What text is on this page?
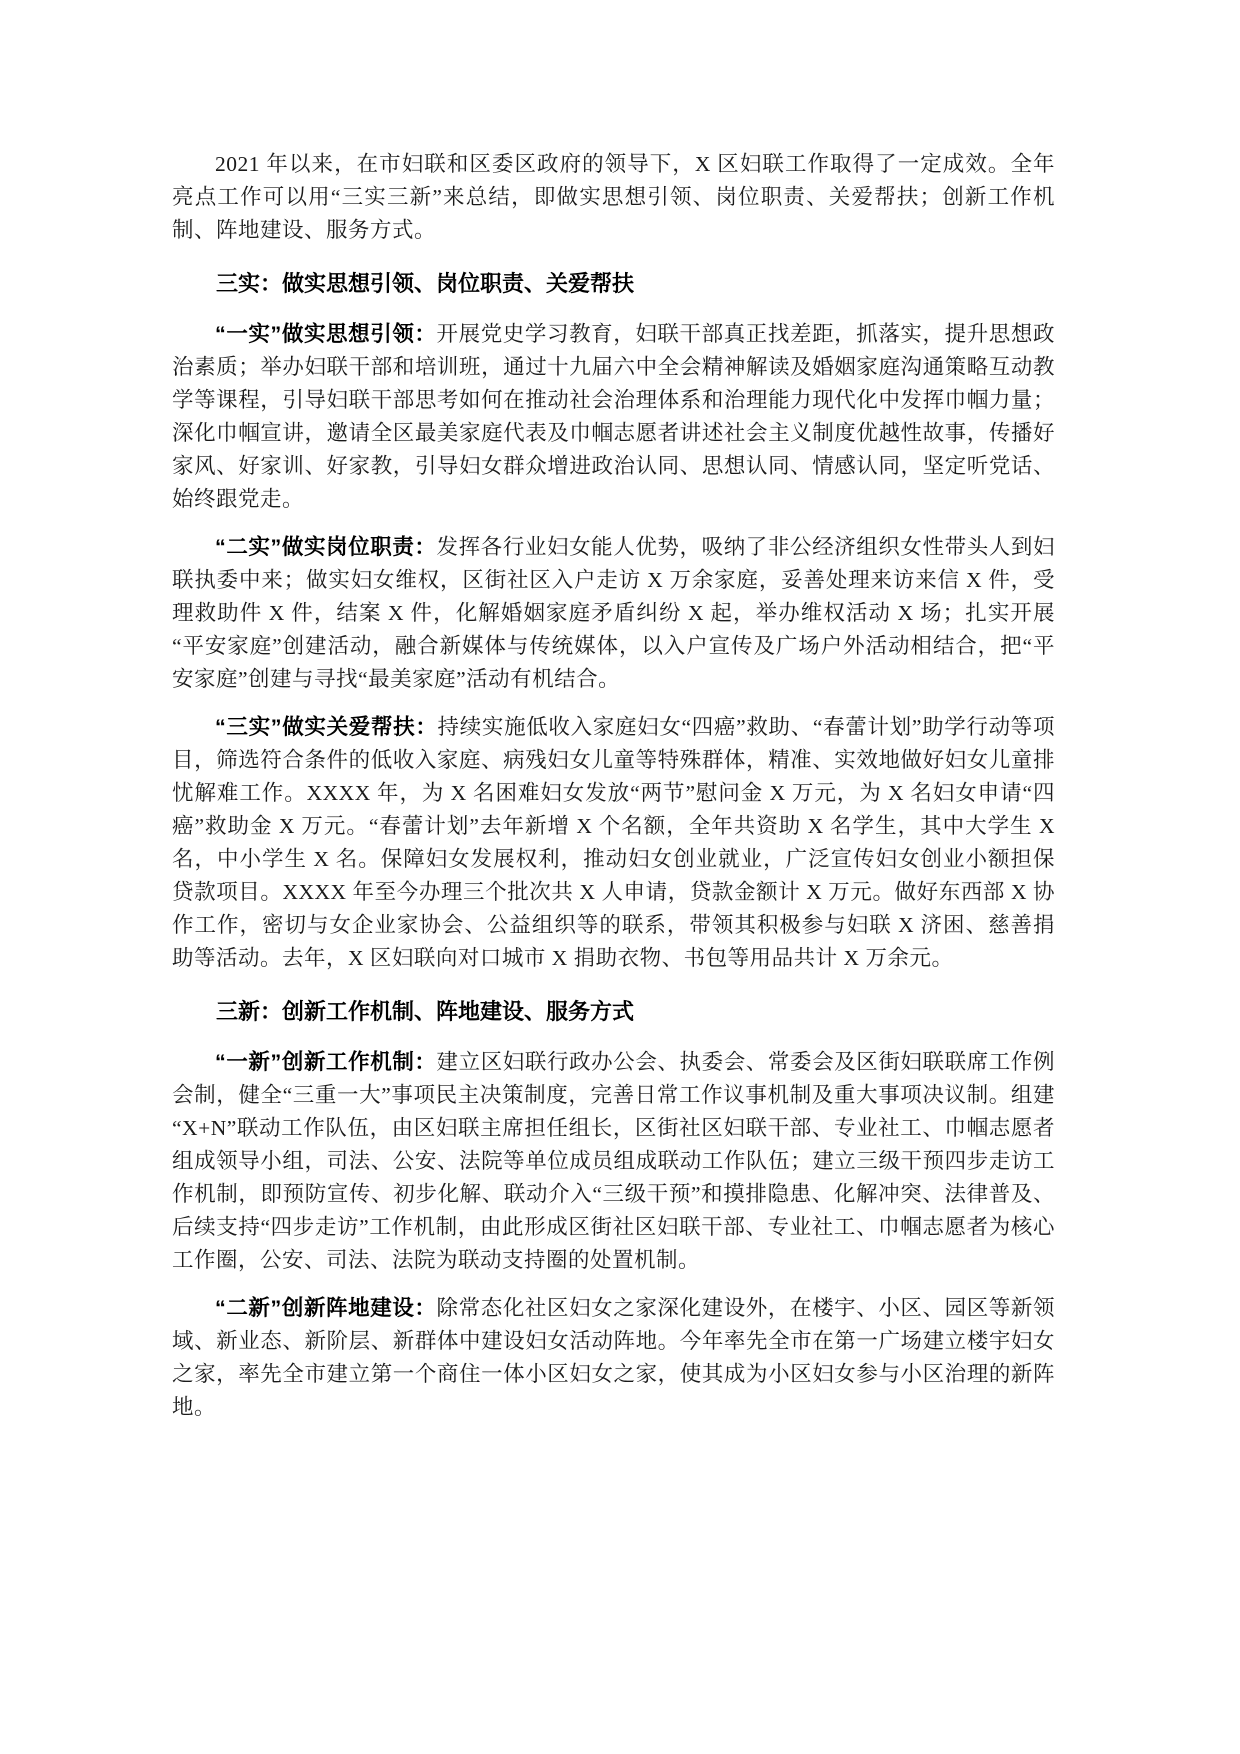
2021 年以来，在市妇联和区委区政府的领导下，X 区妇联工作取得了一定成效。全年亮点工作可以用“三实三新”来总结，即做实思想引领、岗位职责、关爱帮扶；创新工作机制、阵地建设、服务方式。

三实：做实思想引领、岗位职责、关爱帮扶

“一实”做实思想引领：开展党史学习教育，妇联干部真正找差距，抓落实，提升思想政治素质；举办妇联干部和培训班，通过十九届六中全会精神解读及婚姻家庭沟通策略互动教学等课程，引导妇联干部思考如何在推动社会治理体系和治理能力现代化中发挥巾帼力量；深化巾帼宣讲，邀请全区最美家庭代表及巾帼志愿者讲述社会主义制度优越性故事，传播好家风、好家训、好家教，引导妇女群众增进政治认同、思想认同、情感认同，坚定听党话、始终跟党走。

“二实”做实岗位职责：发挥各行业妇女能人优势，吸纳了非公经济组织女性带头人到妇联执委中来；做实妇女维权，区街社区入户走访 X 万余家庭，妥善处理来访来信 X 件，受理救助件 X 件，结案 X 件，化解婚姻家庭矛盾纠纷 X 起，举办维权活动 X 场；扎实开展“平安家庭”创建活动，融合新媒体与传统媒体，以入户宣传及广场户外活动相结合，把“平安家庭”创建与寻找“最美家庭”活动有机结合。

“三实”做实关爱帮扶：持续实施低收入家庭妇女“四癌”救助、“春蕾计划”助学行动等项目，筛选符合条件的低收入家庭、病残妇女儿童等特殊群体，精准、实效地做好妇女儿童排忧解难工作。XXXX 年，为 X 名困难妇女发放“两节”慰问金 X 万元，为 X 名妇女申请“四癌”救助金 X 万元。“春蕾计划”去年新增 X 个名额，全年共资助 X 名学生，其中大学生 X 名，中小学生 X 名。保障妇女发展权利，推动妇女创业就业，广泛宣传妇女创业小额担保贷款项目。XXXX 年至今办理三个批次共 X 人申请，贷款金额计 X 万元。做好东西部 X 协作工作，密切与女企业家协会、公益组织等的联系，带领其积极参与妇联 X 济困、慈善捐助等活动。去年，X 区妇联向对口城市 X 捐助衣物、书包等用品共计 X 万余元。

三新：创新工作机制、阵地建设、服务方式

“一新”创新工作机制：建立区妇联行政办公会、执委会、常委会及区街妇联联席工作例会制，健全“三重一大”事项民主决策制度，完善日常工作议事机制及重大事项决议制。组建“X+N”联动工作队伍，由区妇联主席担任组长，区街社区妇联干部、专业社工、巾帼志愿者组成领导小组，司法、公安、法院等单位成员组成联动工作队伍；建立三级干预四步走访工作机制，即预防宣传、初步化解、联动介入“三级干预”和摸排隐患、化解冲突、法律普及、后续支持“四步走访”工作机制，由此形成区街社区妇联干部、专业社工、巾帼志愿者为核心工作圈，公安、司法、法院为联动支持圈的处置机制。

“二新”创新阵地建设：除常态化社区妇女之家深化建设外，在楼宇、小区、园区等新领域、新业态、新阶层、新群体中建设妇女活动阵地。今年率先全市在第一广场建立楼宇妇女之家，率先全市建立第一个商住一体小区妇女之家，使其成为小区妇女参与小区治理的新阵地。
